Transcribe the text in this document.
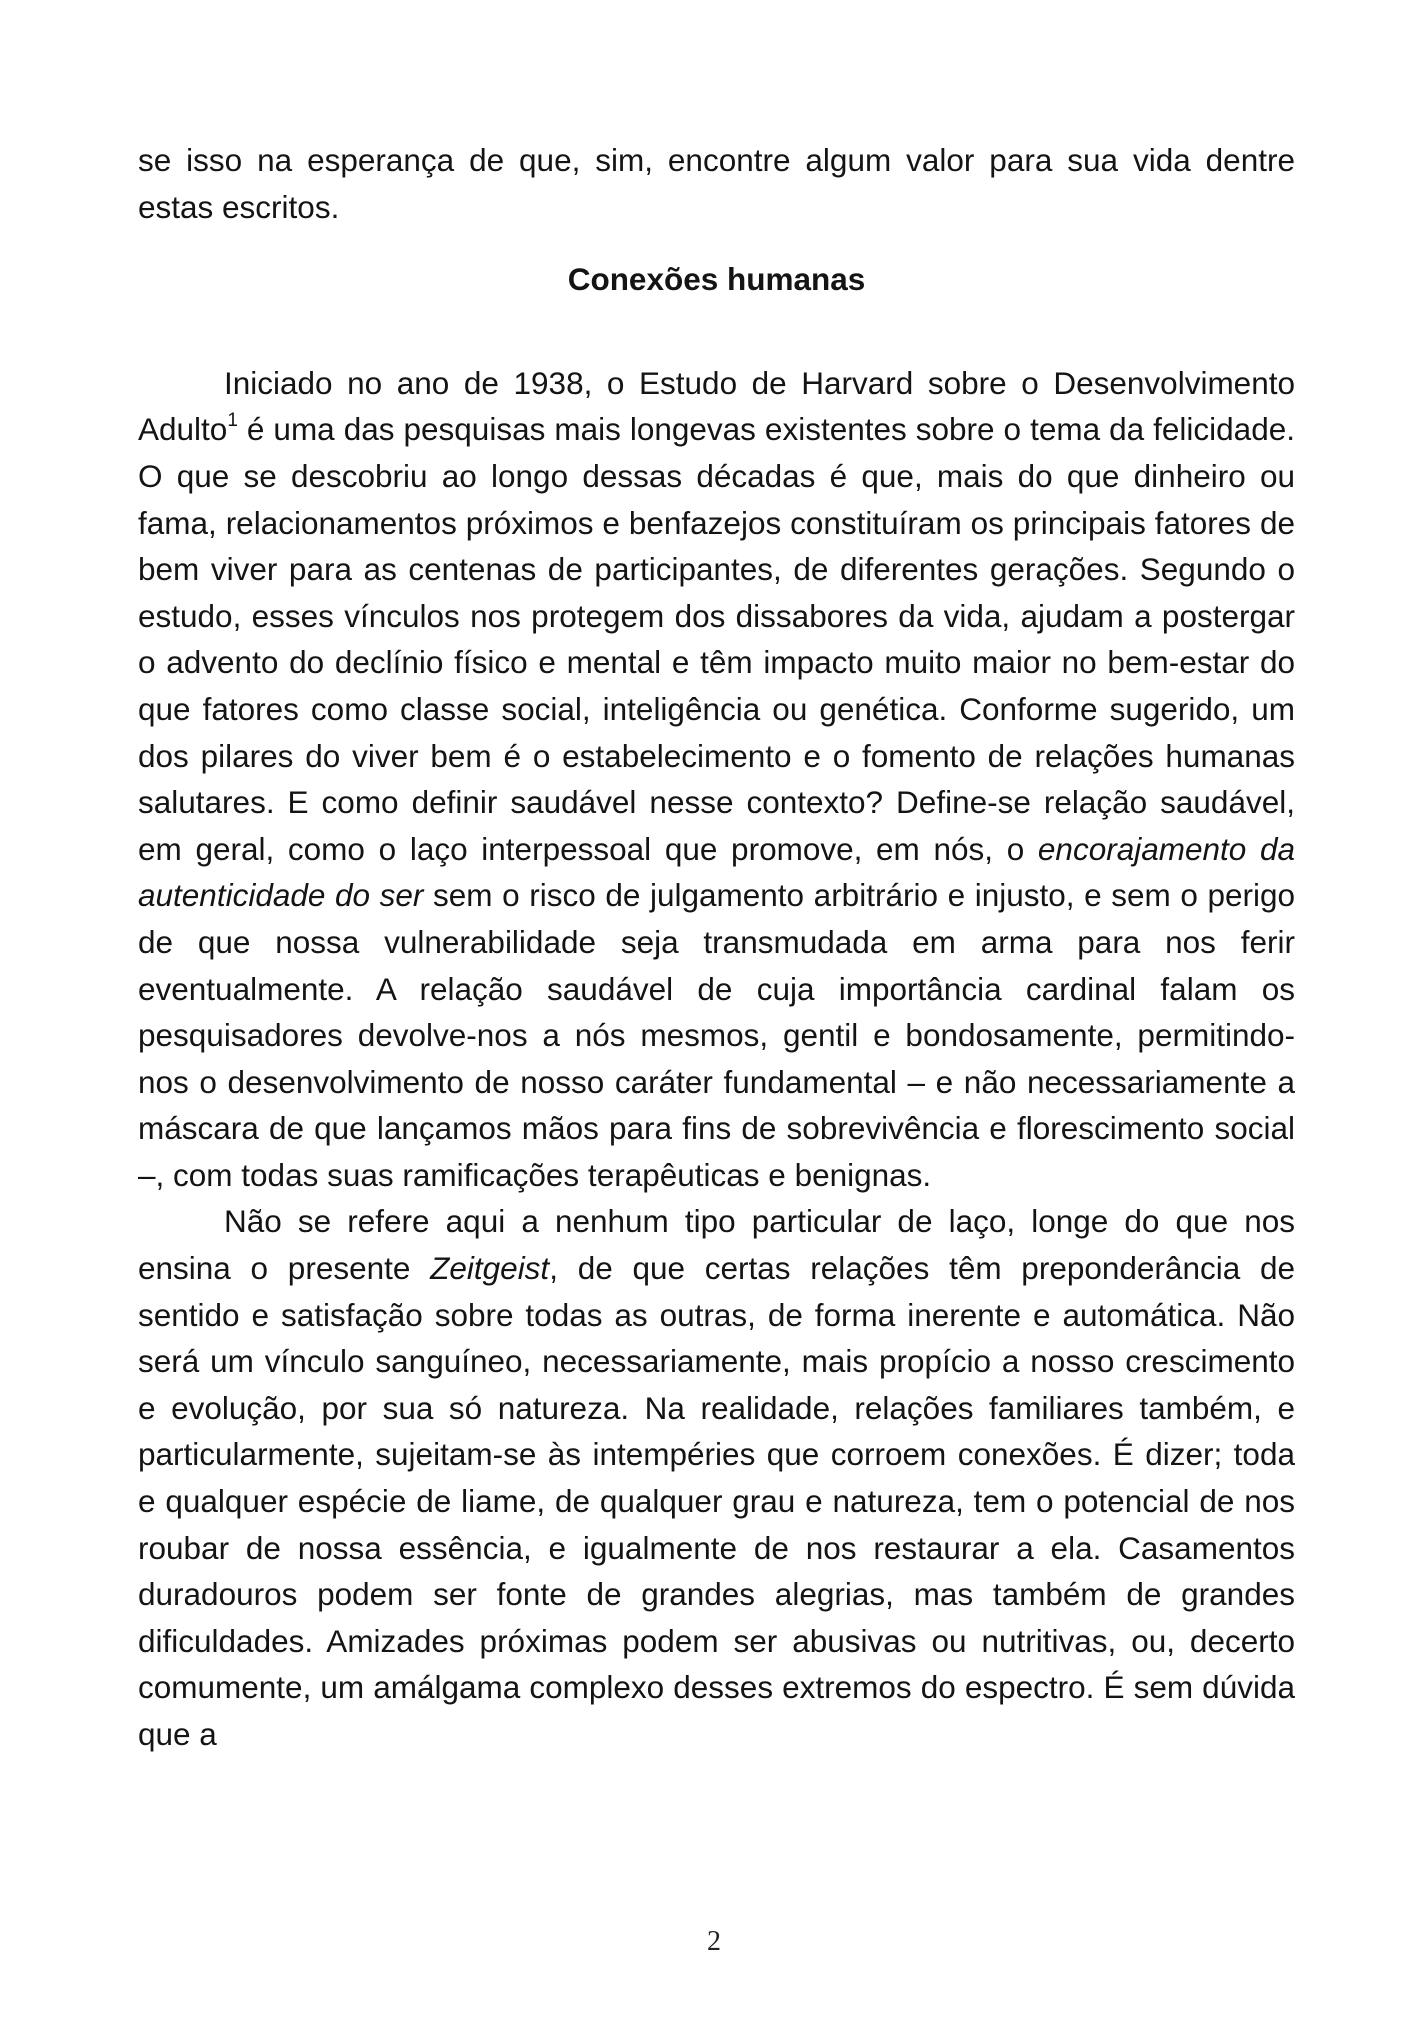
se isso na esperança de que, sim, encontre algum valor para sua vida dentre estas escritos.

Conexões humanas

Iniciado no ano de 1938, o Estudo de Harvard sobre o Desenvolvimento Adulto$^1$ é uma das pesquisas mais longevas existentes sobre o tema da felicidade. O que se descobriu ao longo dessas décadas é que, mais do que dinheiro ou fama, relacionamentos próximos e benfazejos constituíram os principais fatores de bem viver para as centenas de participantes, de diferentes gerações. Segundo o estudo, esses vínculos nos protegem dos dissabores da vida, ajudam a postergar o advento do declínio físico e mental e têm impacto muito maior no bem-estar do que fatores como classe social, inteligência ou genética. Conforme sugerido, um dos pilares do viver bem é o estabelecimento e o fomento de relações humanas salutares. E como definir saudável nesse contexto? Define-se relação saudável, em geral, como o laço interpessoal que promove, em nós, o encorajamento da autenticidade do ser sem o risco de julgamento arbitrário e injusto, e sem o perigo de que nossa vulnerabilidade seja transmudada em arma para nos ferir eventualmente. A relação saudável de cuja importância cardinal falam os pesquisadores devolve-nos a nós mesmos, gentil e bondosamente, permitindo-nos o desenvolvimento de nosso caráter fundamental – e não necessariamente a máscara de que lançamos mãos para fins de sobrevivência e florescimento social –, com todas suas ramificações terapêuticas e benignas.

Não se refere aqui a nenhum tipo particular de laço, longe do que nos ensina o presente Zeitgeist, de que certas relações têm preponderância de sentido e satisfação sobre todas as outras, de forma inerente e automática. Não será um vínculo sanguíneo, necessariamente, mais propício a nosso crescimento e evolução, por sua só natureza. Na realidade, relações familiares também, e particularmente, sujeitam-se às intempéries que corroem conexões. É dizer; toda e qualquer espécie de liame, de qualquer grau e natureza, tem o potencial de nos roubar de nossa essência, e igualmente de nos restaurar a ela. Casamentos duradouros podem ser fonte de grandes alegrias, mas também de grandes dificuldades. Amizades próximas podem ser abusivas ou nutritivas, ou, decerto comumente, um amálgama complexo desses extremos do espectro. É sem dúvida que a

2
